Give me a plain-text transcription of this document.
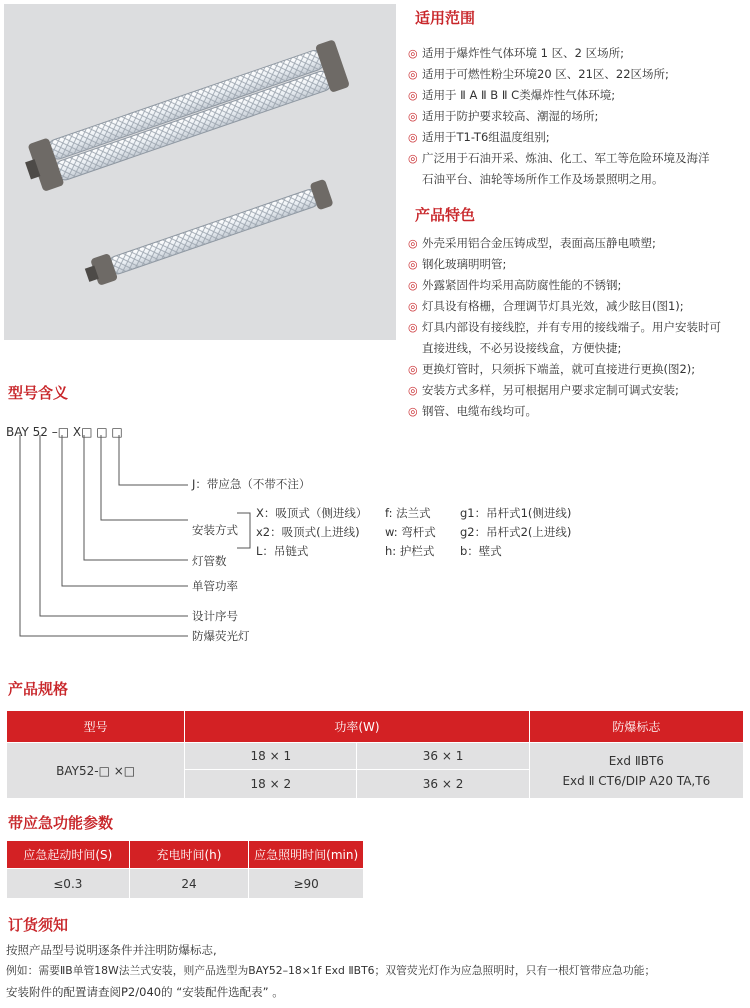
适用范围
◎ 适用于爆炸性气体环境 1 区、2 区场所;
◎ 适用于可燃性粉尘环境20 区、21区、22区场所;
◎ 适用于 Ⅱ A Ⅱ B Ⅱ C类爆炸性气体环境;
◎ 适用于防护要求较高、潮湿的场所;
◎ 适用于T1-T6组温度组别;
◎ 广泛用于石油开采、炼油、化工、军工等危险环境及海洋
石油平台、油轮等场所作工作及场景照明之用。
产品特色
◎ 外壳采用铝合金压铸成型，表面高压静电喷塑;
◎ 钢化玻璃明明管;
◎ 外露紧固件均采用高防腐性能的不锈钢;
◎ 灯具设有格栅，合理调节灯具光效，减少眩目(图1);
◎ 灯具内部设有接线腔，并有专用的接线端子。用户安装时可
直接进线，不必另设接线盒，方便快捷;
◎ 更换灯管时，只须拆下端盖，就可直接进行更换(图2);
◎ 安装方式多样，另可根据用户要求定制可调式安装;
◎ 钢管、电缆布线均可。
型号含义
BAY 52 –□ X□ □ □
J：带应急（不带不注）
安装方式
X：吸顶式（侧进线）
x2：吸顶式(上进线)
L：吊链式
f: 法兰式
w: 弯杆式
h: 护栏式
g1：吊杆式1(侧进线)
g2：吊杆式2(上进线)
b：壁式
灯管数
单管功率
设计序号
防爆荧光灯
产品规格
型号	功率(W)		防爆标志
BAY52-□ ×□	18 × 1	36 × 1	Exd ⅡBT6
Exd Ⅱ CT6/DIP A20 TA,T6

	18 × 2	36 × 2	
带应急功能参数
应急起动时间(S)	充电时间(h)	应急照明时间(min)
≤0.3	24	≥90
订货须知
按照产品型号说明逐条件并注明防爆标志,
例如：需要ⅡB单管18W法兰式安装，则产品选型为BAY52–18×1f Exd ⅡBT6；双管荧光灯作为应急照明时，只有一根灯管带应急功能；
安装附件的配置请查阅P2/040的 “安装配件选配表” 。
